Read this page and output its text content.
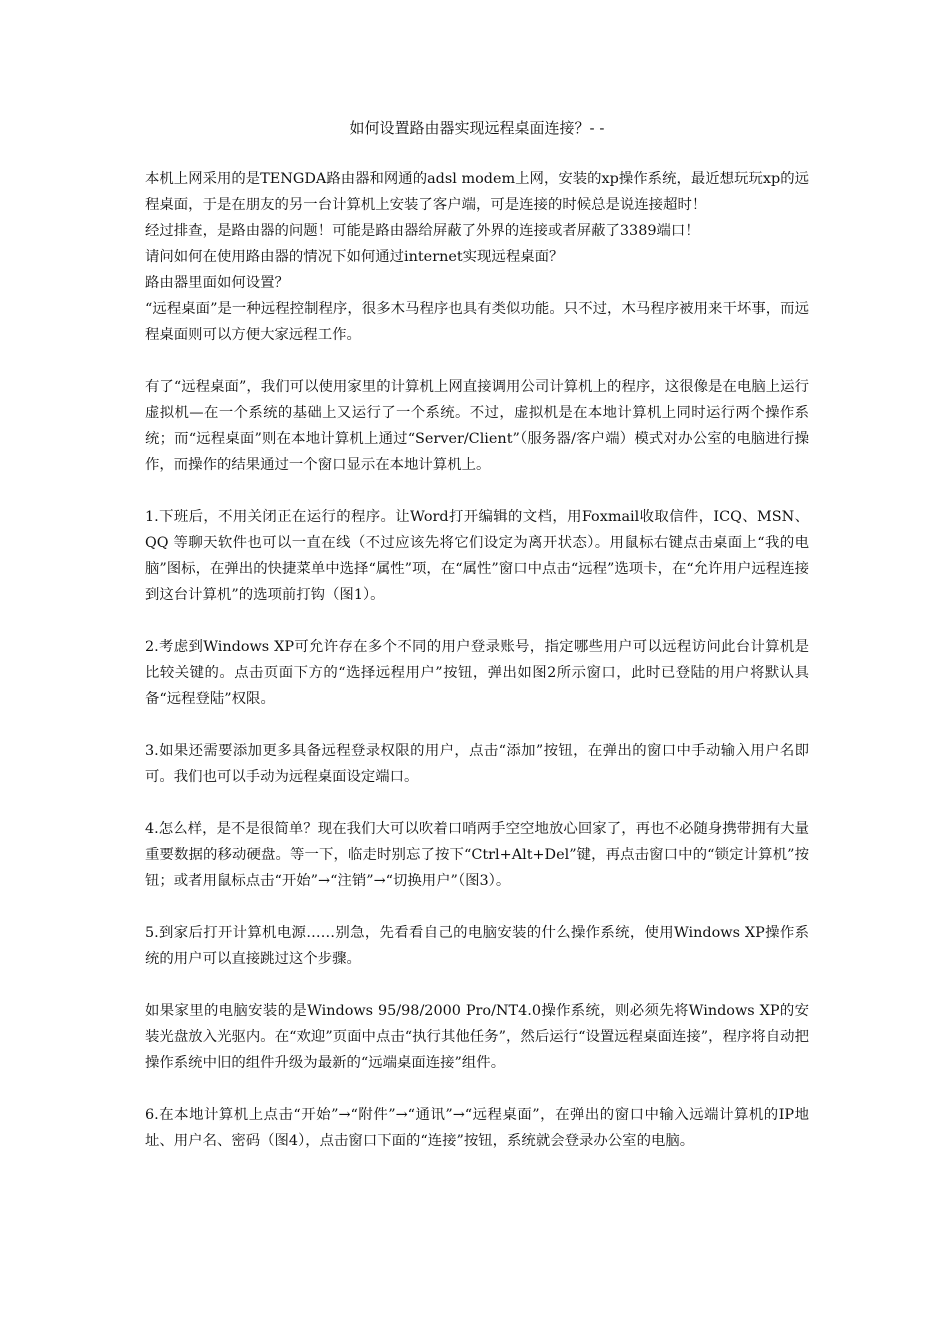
如何设置路由器实现远程桌面连接？- -

本机上网采用的是TENGDA路由器和网通的adsl modem上网，安装的xp操作系统，最近想玩玩xp的远程桌面，于是在朋友的另一台计算机上安装了客户端，可是连接的时候总是说连接超时！

经过排查，是路由器的问题！可能是路由器给屏蔽了外界的连接或者屏蔽了3389端口！

请问如何在使用路由器的情况下如何通过internet实现远程桌面？

路由器里面如何设置？

“远程桌面”是一种远程控制程序，很多木马程序也具有类似功能。只不过，木马程序被用来干坏事，而远程桌面则可以方便大家远程工作。

有了“远程桌面”，我们可以使用家里的计算机上网直接调用公司计算机上的程序，这很像是在电脑上运行虚拟机—在一个系统的基础上又运行了一个系统。不过，虚拟机是在本地计算机上同时运行两个操作系统；而“远程桌面”则在本地计算机上通过“Server/Client”（服务器/客户端）模式对办公室的电脑进行操作，而操作的结果通过一个窗口显示在本地计算机上。

1.下班后，不用关闭正在运行的程序。让Word打开编辑的文档，用Foxmail收取信件，ICQ、MSN、QQ 等聊天软件也可以一直在线（不过应该先将它们设定为离开状态）。用鼠标右键点击桌面上“我的电脑”图标，在弹出的快捷菜单中选择“属性”项，在“属性”窗口中点击“远程”选项卡，在“允许用户远程连接到这台计算机”的选项前打钩（图1）。

2.考虑到Windows XP可允许存在多个不同的用户登录账号，指定哪些用户可以远程访问此台计算机是比较关键的。点击页面下方的“选择远程用户”按钮，弹出如图2所示窗口，此时已登陆的用户将默认具备“远程登陆”权限。

3.如果还需要添加更多具备远程登录权限的用户，点击“添加”按钮，在弹出的窗口中手动输入用户名即可。我们也可以手动为远程桌面设定端口。

4.怎么样，是不是很简单？现在我们大可以吹着口哨两手空空地放心回家了，再也不必随身携带拥有大量重要数据的移动硬盘。等一下，临走时别忘了按下“Ctrl+Alt+Del”键，再点击窗口中的“锁定计算机”按钮；或者用鼠标点击“开始”→“注销”→“切换用户”（图3）。

5.到家后打开计算机电源……别急，先看看自己的电脑安装的什么操作系统，使用Windows XP操作系统的用户可以直接跳过这个步骤。

如果家里的电脑安装的是Windows 95/98/2000 Pro/NT4.0操作系统，则必须先将Windows XP的安装光盘放入光驱内。在“欢迎”页面中点击“执行其他任务”，然后运行“设置远程桌面连接”，程序将自动把操作系统中旧的组件升级为最新的“远端桌面连接”组件。

6.在本地计算机上点击“开始”→“附件”→“通讯”→“远程桌面”，在弹出的窗口中输入远端计算机的IP地址、用户名、密码（图4），点击窗口下面的“连接”按钮，系统就会登录办公室的电脑。
